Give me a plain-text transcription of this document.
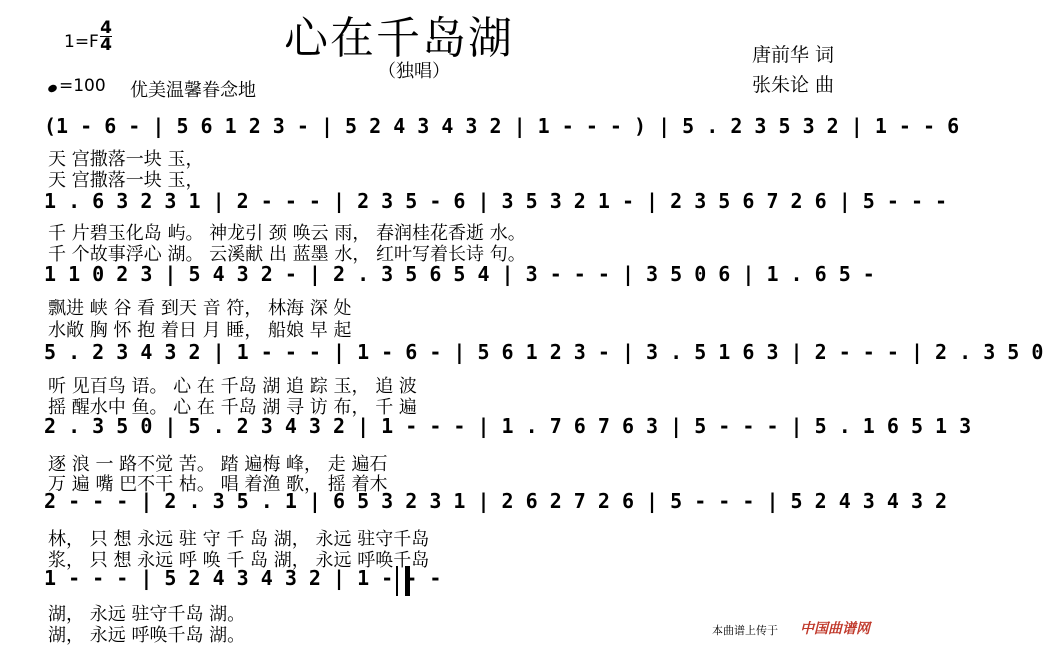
心在千岛湖
（独唱）
1=F
4
4
=100 优美温馨眷念地
唐前华 词
张朱论 曲
(1 - 6 - | 5 6 1 2 3 - | 5 2 4 3 4 3 2 | 1 - - - ) | 5 . 2 3 5 3 2 | 1 - - 6
天 宫撒落一块 玉，
天 宫撒落一块 玉，
1 . 6 3 2 3 1 | 2 - - - | 2 3 5 - 6 | 3 5 3 2 1 - | 2 3 5 6 7 2 6 | 5 - - -
千 片碧玉化岛 屿。 神龙引 颈 唤云 雨， 春润桂花香逝 水。
千 个故事浮心 湖。 云溪献 出 蓝墨 水， 红叶写着长诗 句。
1 1 0 2 3 | 5 4 3 2 - | 2 . 3 5 6 5 4 | 3 - - - | 3 5 0 6 | 1 . 6 5 -
飘进 峡 谷 看 到天 音 符， 林海 深 处
水敞 胸 怀 抱 着日 月 睡， 船娘 早 起
5 . 2 3 4 3 2 | 1 - - - | 1 - 6 - | 5 6 1 2 3 - | 3 . 5 1 6 3 | 2 - - - | 2 . 3 5 0
听 见百鸟 语。 心 在 千岛 湖 追 踪 玉， 追 波
摇 醒水中 鱼。 心 在 千岛 湖 寻 访 布， 千 遍
2 . 3 5 0 | 5 . 2 3 4 3 2 | 1 - - - | 1 . 7 6 7 6 3 | 5 - - - | 5 . 1 6 5 1 3
逐 浪 一 路不觉 苦。 踏 遍梅 峰， 走 遍石
万 遍 嘴 巴不干 枯。 唱 着渔 歌， 摇 着木
2 - - - | 2 . 3 5 . 1 | 6 5 3 2 3 1 | 2 6 2 7 2 6 | 5 - - - | 5 2 4 3 4 3 2
林， 只 想 永远 驻 守 千 岛 湖， 永远 驻守千岛
浆， 只 想 永远 呼 唤 千 岛 湖， 永远 呼唤千岛
1 - - - | 5 2 4 3 4 3 2 | 1 - - -
湖， 永远 驻守千岛 湖。
湖， 永远 呼唤千岛 湖。	本曲谱上传于 中国曲谱网
